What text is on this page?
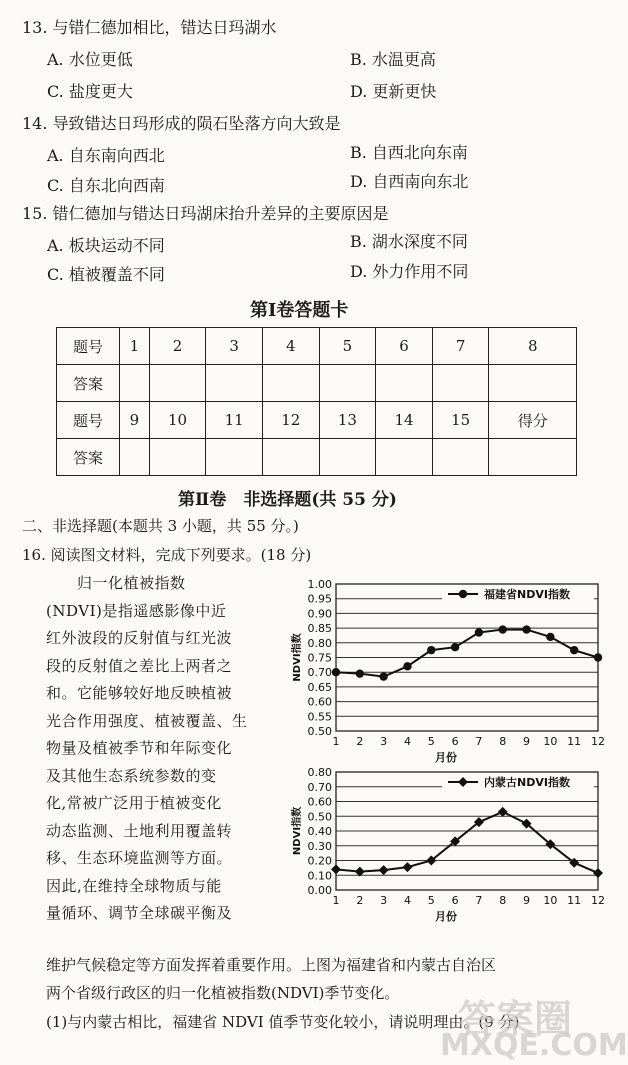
13. 与错仁德加相比，错达日玛湖水
A. 水位更低	B. 水温更高
C. 盐度更大	D. 更新更快
14. 导致错达日玛形成的陨石坠落方向大致是
A. 自东南向西北	B. 自西北向东南
C. 自东北向西南	D. 自西南向东北
15. 错仁德加与错达日玛湖床抬升差异的主要原因是
A. 板块运动不同	B. 湖水深度不同
C. 植被覆盖不同	D. 外力作用不同
第Ⅰ卷答题卡
题号	1	2	3	4	5	6	7	8
答案								
题号	9	10	11	12	13	14	15	得分
答案								
第Ⅱ卷　非选择题(共 55 分)
二、非选择题(本题共 3 小题，共 55 分。)
16. 阅读图文材料，完成下列要求。(18 分)

　　归一化植被指数

(NDVI)是指遥感影像中近

红外波段的反射值与红光波

段的反射值之差比上两者之

和。它能够较好地反映植被

光合作用强度、植被覆盖、生

物量及植被季节和年际变化

及其他生态系统参数的变

化,常被广泛用于植被变化

动态监测、土地利用覆盖转

移、生态环境监测等方面。

因此,在维持全球物质与能

量循环、调节全球碳平衡及

0.50
0.55
0.60
0.65
0.70
0.75
0.80
0.85
0.90
0.95
1.00
1 2 3 4 5 6 7 8 9 10 11 12
月份
NDVI指数
福建省NDVI指数
0.00
0.10
0.20
0.30
0.40
0.50
0.60
0.70
0.80
1 2 3 4 5 6 7 8 9 10 11 12
月份
NDVI指数
内蒙古NDVI指数
维护气候稳定等方面发挥着重要作用。上图为福建省和内蒙古自治区
两个省级行政区的归一化植被指数(NDVI)季节变化。
(1)与内蒙古相比，福建省 NDVI 值季节变化较小，请说明理由。(9 分)
答案圈
MXQE.COM
